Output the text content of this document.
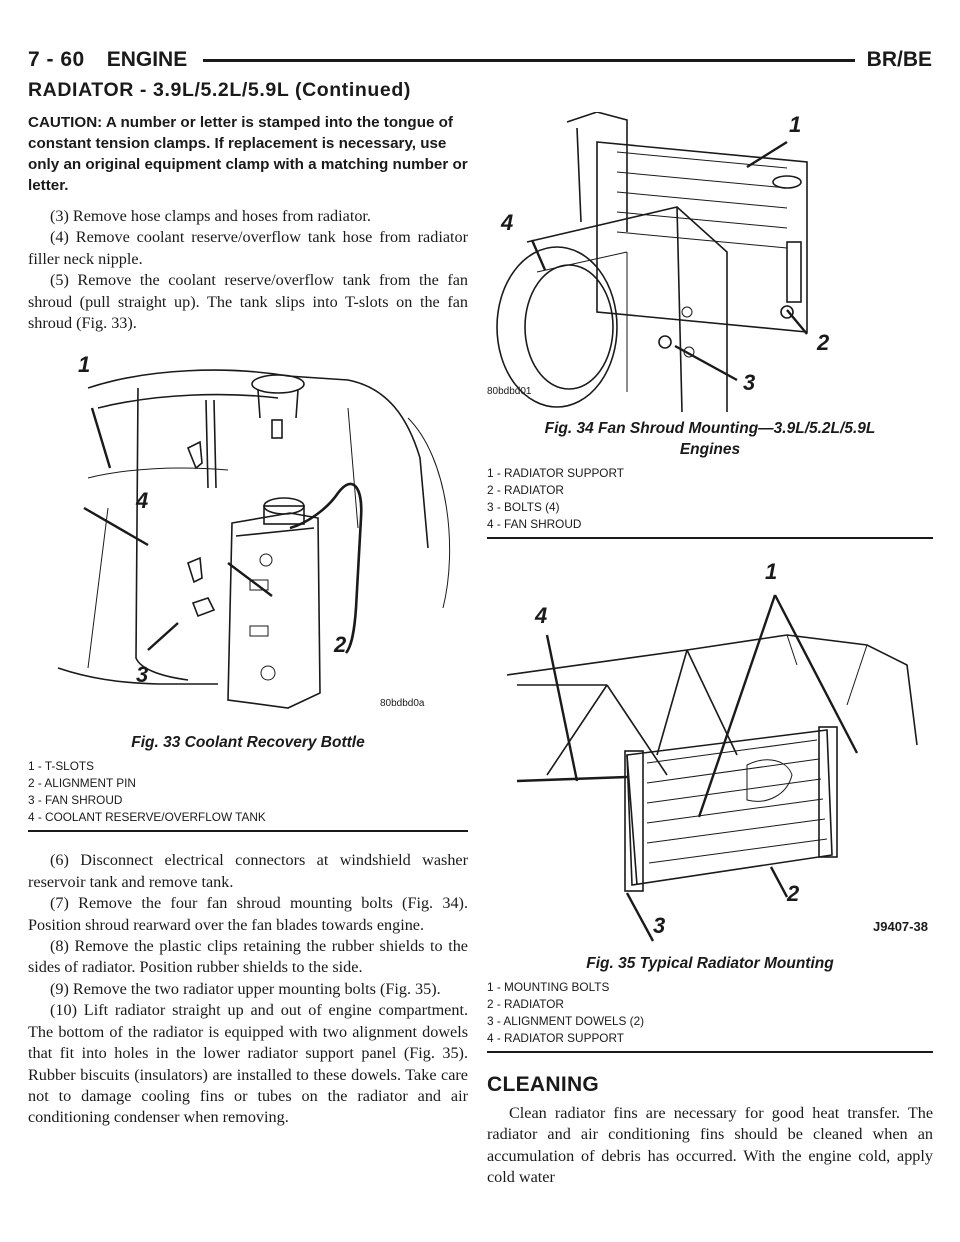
7 - 60 ENGINE	BR/BE
RADIATOR - 3.9L/5.2L/5.9L (Continued)
CAUTION: A number or letter is stamped into the tongue of constant tension clamps. If replacement is necessary, use only an original equipment clamp with a matching number or letter.

(3) Remove hose clamps and hoses from radiator.

(4) Remove coolant reserve/overflow tank hose from radiator filler neck nipple.

(5) Remove the coolant reserve/overflow tank from the fan shroud (pull straight up). The tank slips into T-slots on the fan shroud (Fig. 33).

1
2
3
4
80bdbd0a
Fig. 33 Coolant Recovery Bottle
1 - T-SLOTS
2 - ALIGNMENT PIN
3 - FAN SHROUD
4 - COOLANT RESERVE/OVERFLOW TANK

(6) Disconnect electrical connectors at windshield washer reservoir tank and remove tank.

(7) Remove the four fan shroud mounting bolts (Fig. 34). Position shroud rearward over the fan blades towards engine.

(8) Remove the plastic clips retaining the rubber shields to the sides of radiator. Position rubber shields to the side.

(9) Remove the two radiator upper mounting bolts (Fig. 35).

(10) Lift radiator straight up and out of engine compartment. The bottom of the radiator is equipped with two alignment dowels that fit into holes in the lower radiator support panel (Fig. 35). Rubber biscuits (insulators) are installed to these dowels. Take care not to damage cooling fins or tubes on the radiator and air conditioning condenser when removing.

1
2
3
4
80bdbd01
Fig. 34 Fan Shroud Mounting—3.9L/5.2L/5.9L
Engines
1 - RADIATOR SUPPORT
2 - RADIATOR
3 - BOLTS (4)
4 - FAN SHROUD
1
2
3
4
J9407-38
Fig. 35 Typical Radiator Mounting
1 - MOUNTING BOLTS
2 - RADIATOR
3 - ALIGNMENT DOWELS (2)
4 - RADIATOR SUPPORT
CLEANING

Clean radiator fins are necessary for good heat transfer. The radiator and air conditioning fins should be cleaned when an accumulation of debris has occurred. With the engine cold, apply cold water
